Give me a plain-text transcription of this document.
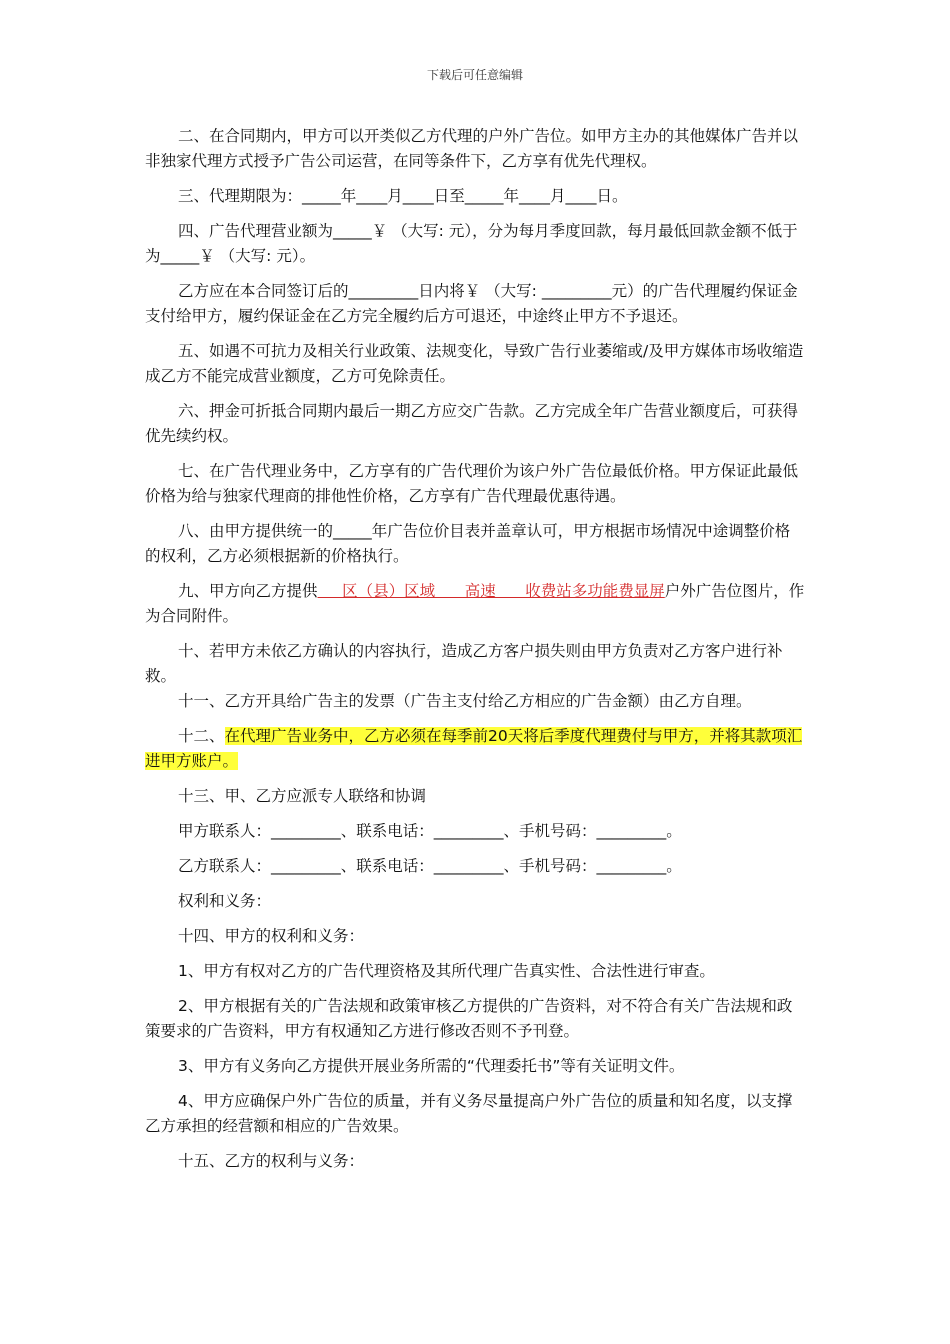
下载后可任意编辑

二、在合同期内，甲方可以开类似乙方代理的户外广告位。如甲方主办的其他媒体广告并以非独家代理方式授予广告公司运营，在同等条件下，乙方享有优先代理权。

三、代理期限为：_____年____月____日至_____年____月____日。

四、广告代理营业额为_____￥ （大写: 元），分为每月季度回款，每月最低回款金额不低于为_____￥ （大写: 元）。

乙方应在本合同签订后的_________日内将￥ （大写: _________元）的广告代理履约保证金支付给甲方，履约保证金在乙方完全履约后方可退还，中途终止甲方不予退还。

五、如遇不可抗力及相关行业政策、法规变化，导致广告行业萎缩或/及甲方媒体市场收缩造成乙方不能完成营业额度，乙方可免除责任。

六、押金可折抵合同期内最后一期乙方应交广告款。乙方完成全年广告营业额度后，可获得优先续约权。

七、在广告代理业务中，乙方享有的广告代理价为该户外广告位最低价格。甲方保证此最低价格为给与独家代理商的排他性价格，乙方享有广告代理最优惠待遇。

八、由甲方提供统一的_____年广告位价目表并盖章认可，甲方根据市场情况中途调整价格的权利，乙方必须根据新的价格执行。

九、甲方向乙方提供     区（县）区域      高速      收费站多功能费显屏户外广告位图片，作为合同附件。

十、若甲方未依乙方确认的内容执行，造成乙方客户损失则由甲方负责对乙方客户进行补救。

十一、乙方开具给广告主的发票（广告主支付给乙方相应的广告金额）由乙方自理。

十二、在代理广告业务中，乙方必须在每季前20天将后季度代理费付与甲方，并将其款项汇进甲方账户。

十三、甲、乙方应派专人联络和协调

甲方联系人：_________、联系电话：_________、手机号码：_________。

乙方联系人：_________、联系电话：_________、手机号码：_________。

权利和义务：

十四、甲方的权利和义务：

1、甲方有权对乙方的广告代理资格及其所代理广告真实性、合法性进行审查。

2、甲方根据有关的广告法规和政策审核乙方提供的广告资料，对不符合有关广告法规和政策要求的广告资料，甲方有权通知乙方进行修改否则不予刊登。

3、甲方有义务向乙方提供开展业务所需的“代理委托书”等有关证明文件。

4、甲方应确保户外广告位的质量，并有义务尽量提高户外广告位的质量和知名度，以支撑乙方承担的经营额和相应的广告效果。

十五、乙方的权利与义务：
